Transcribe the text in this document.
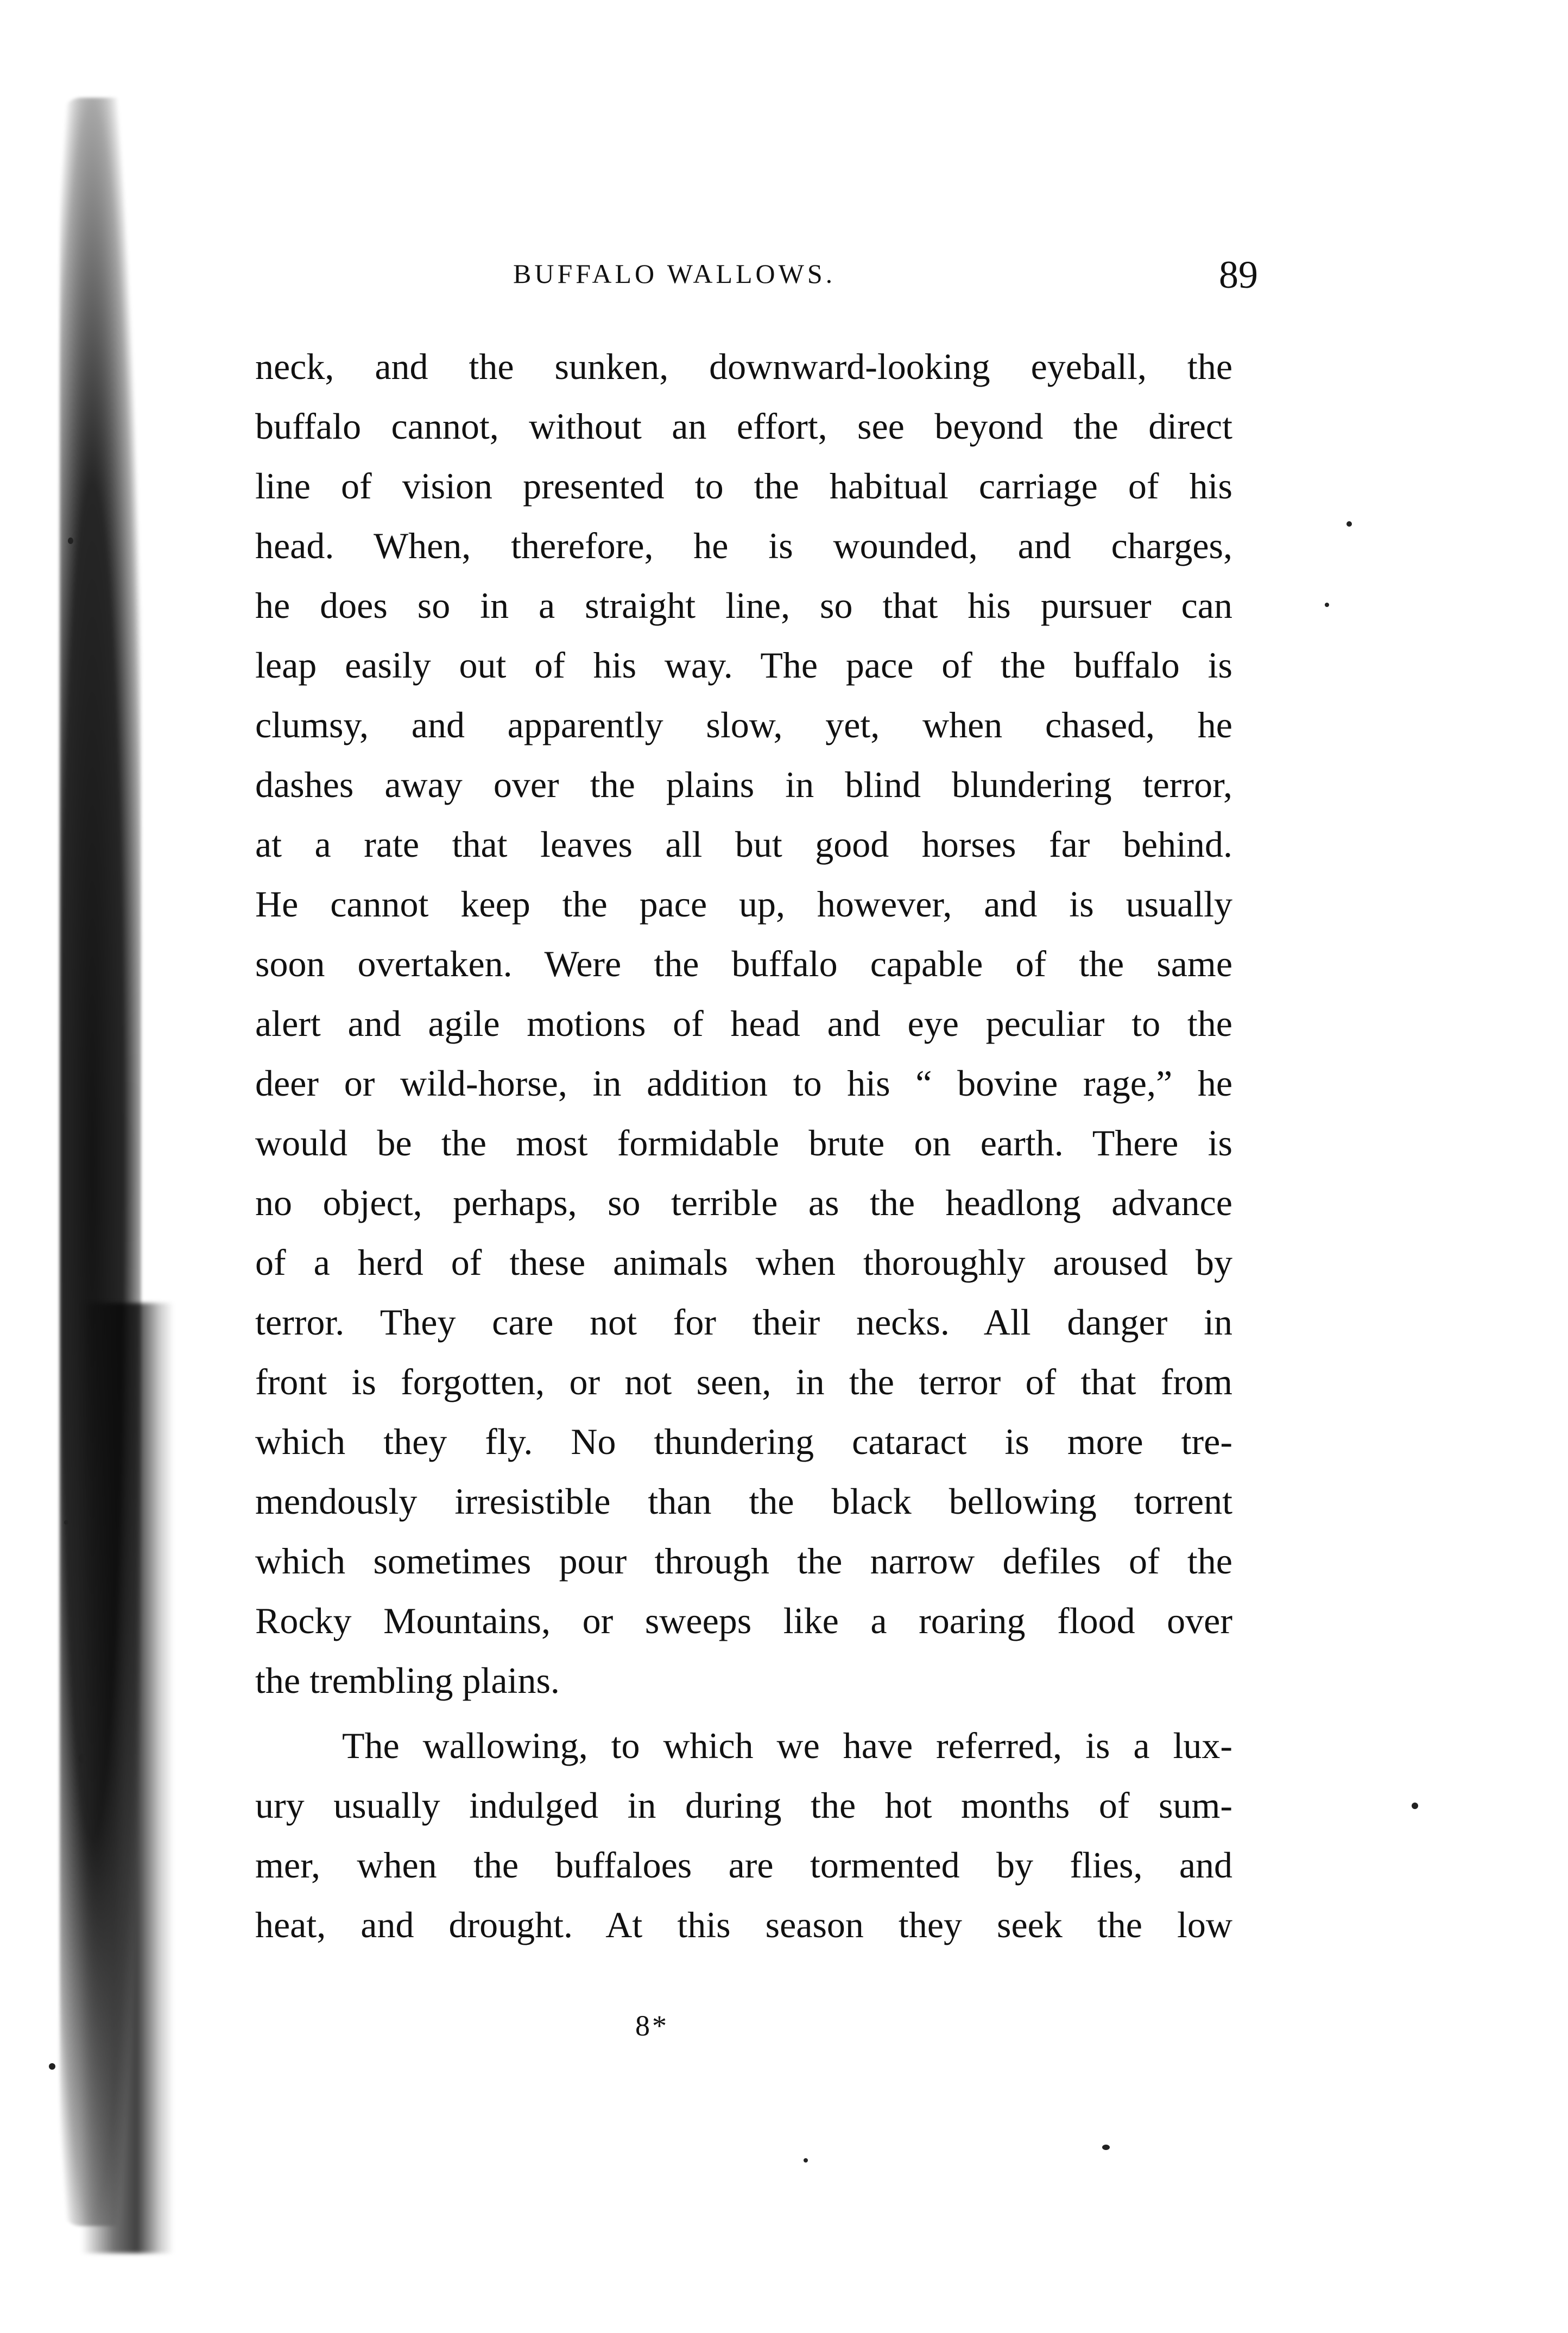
BUFFALO WALLOWS.	89
neck, and the sunken, downward-looking eyeball, the
buffalo cannot, without an effort, see beyond the direct
line of vision presented to the habitual carriage of his
head. When, therefore, he is wounded, and charges,
he does so in a straight line, so that his pursuer can
leap easily out of his way. The pace of the buffalo is
clumsy, and apparently slow, yet, when chased, he
dashes away over the plains in blind blundering terror,
at a rate that leaves all but good horses far behind.
He cannot keep the pace up, however, and is usually
soon overtaken. Were the buffalo capable of the same
alert and agile motions of head and eye peculiar to the
deer or wild-horse, in addition to his “ bovine rage,” he
would be the most formidable brute on earth. There is
no object, perhaps, so terrible as the headlong advance
of a herd of these animals when thoroughly aroused by
terror. They care not for their necks. All danger in
front is forgotten, or not seen, in the terror of that from
which they fly. No thundering cataract is more tre-
mendously irresistible than the black bellowing torrent
which sometimes pour through the narrow defiles of the
Rocky Mountains, or sweeps like a roaring flood over
the trembling plains.
The wallowing, to which we have referred, is a lux-
ury usually indulged in during the hot months of sum-
mer, when the buffaloes are tormented by flies, and
heat, and drought. At this season they seek the low
8*
